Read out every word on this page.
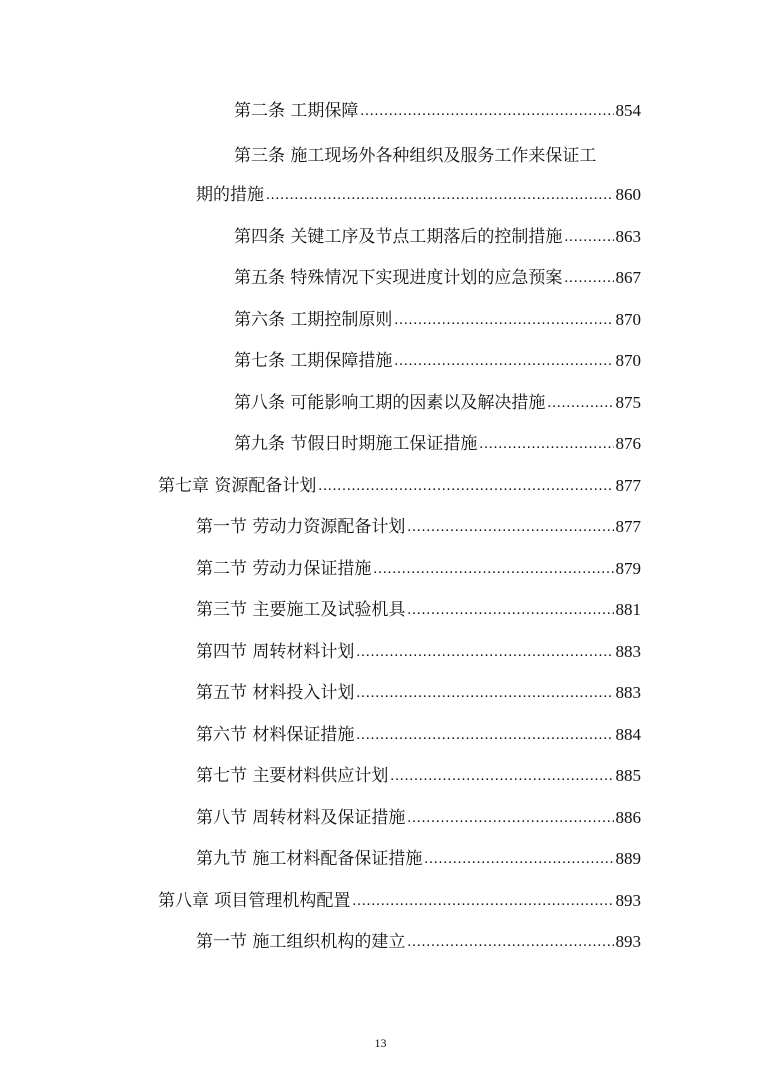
第二条 工期保障 .....	854
第三条 施工现场外各种组织及服务工作来保证工
期的措施 .....	860
第四条 关键工序及节点工期落后的控制措施 .....	863
第五条 特殊情况下实现进度计划的应急预案 .....	867
第六条 工期控制原则 .....	870
第七条 工期保障措施 .....	870
第八条 可能影响工期的因素以及解决措施 .....	875
第九条 节假日时期施工保证措施 .....	876
第七章 资源配备计划 .....	877
第一节 劳动力资源配备计划 .....	877
第二节 劳动力保证措施 .....	879
第三节 主要施工及试验机具 .....	881
第四节 周转材料计划 .....	883
第五节 材料投入计划 .....	883
第六节 材料保证措施 .....	884
第七节 主要材料供应计划 .....	885
第八节 周转材料及保证措施 .....	886
第九节 施工材料配备保证措施 .....	889
第八章 项目管理机构配置 .....	893
第一节 施工组织机构的建立 .....	893
13
